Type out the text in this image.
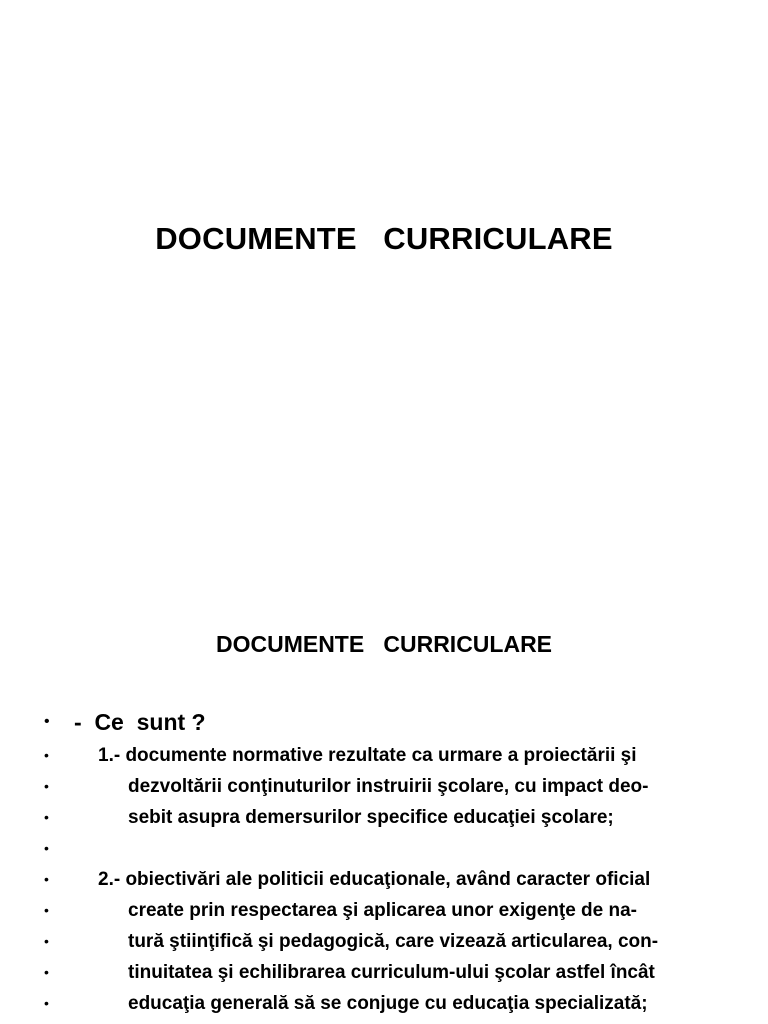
DOCUMENTE   CURRICULARE
DOCUMENTE   CURRICULARE
• -  Ce  sunt ?
•	1.- documente normative rezultate ca urmare a proiectării şi
•	dezvoltării conţinuturilor instruirii şcolare, cu impact deo-
•	sebit asupra demersurilor specifice educaţiei şcolare;
•
•	2.- obiectivări ale politicii educaţionale, având caracter oficial
•	create prin respectarea şi aplicarea unor exigenţe de na-
•	tură ştiinţifică şi pedagogică, care vizează articularea, con-
•	tinuitatea şi echilibrarea curriculum-ului şcolar astfel încât
•	educaţia generală să se conjuge cu educaţia specializată;
